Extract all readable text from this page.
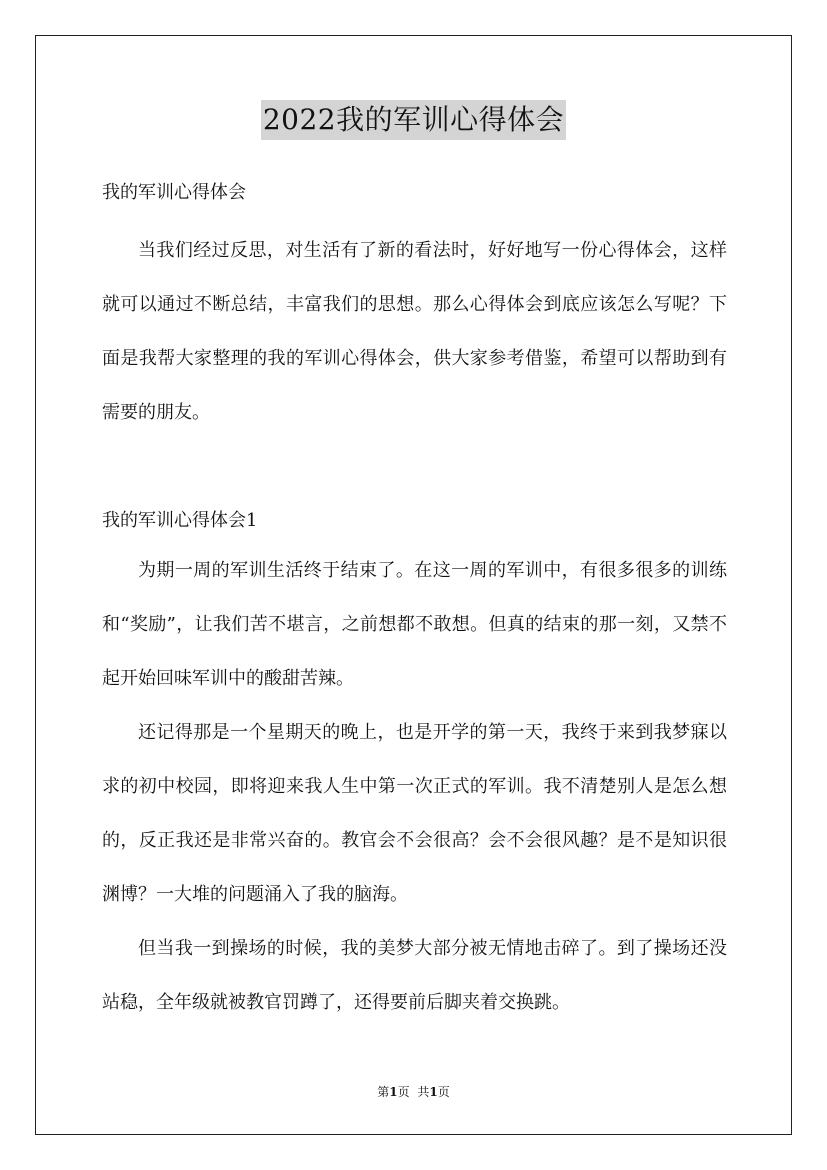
2022我的军训心得体会

我的军训心得体会

当我们经过反思，对生活有了新的看法时，好好地写一份心得体会，这样就可以通过不断总结，丰富我们的思想。那么心得体会到底应该怎么写呢？下面是我帮大家整理的我的军训心得体会，供大家参考借鉴，希望可以帮助到有需要的朋友。

我的军训心得体会1

为期一周的军训生活终于结束了。在这一周的军训中，有很多很多的训练和“奖励”，让我们苦不堪言，之前想都不敢想。但真的结束的那一刻，又禁不起开始回味军训中的酸甜苦辣。

还记得那是一个星期天的晚上，也是开学的第一天，我终于来到我梦寐以求的初中校园，即将迎来我人生中第一次正式的军训。我不清楚别人是怎么想的，反正我还是非常兴奋的。教官会不会很高？会不会很风趣？是不是知识很渊博？一大堆的问题涌入了我的脑海。

但当我一到操场的时候，我的美梦大部分被无情地击碎了。到了操场还没站稳，全年级就被教官罚蹲了，还得要前后脚夹着交换跳。

第1页 共1页
